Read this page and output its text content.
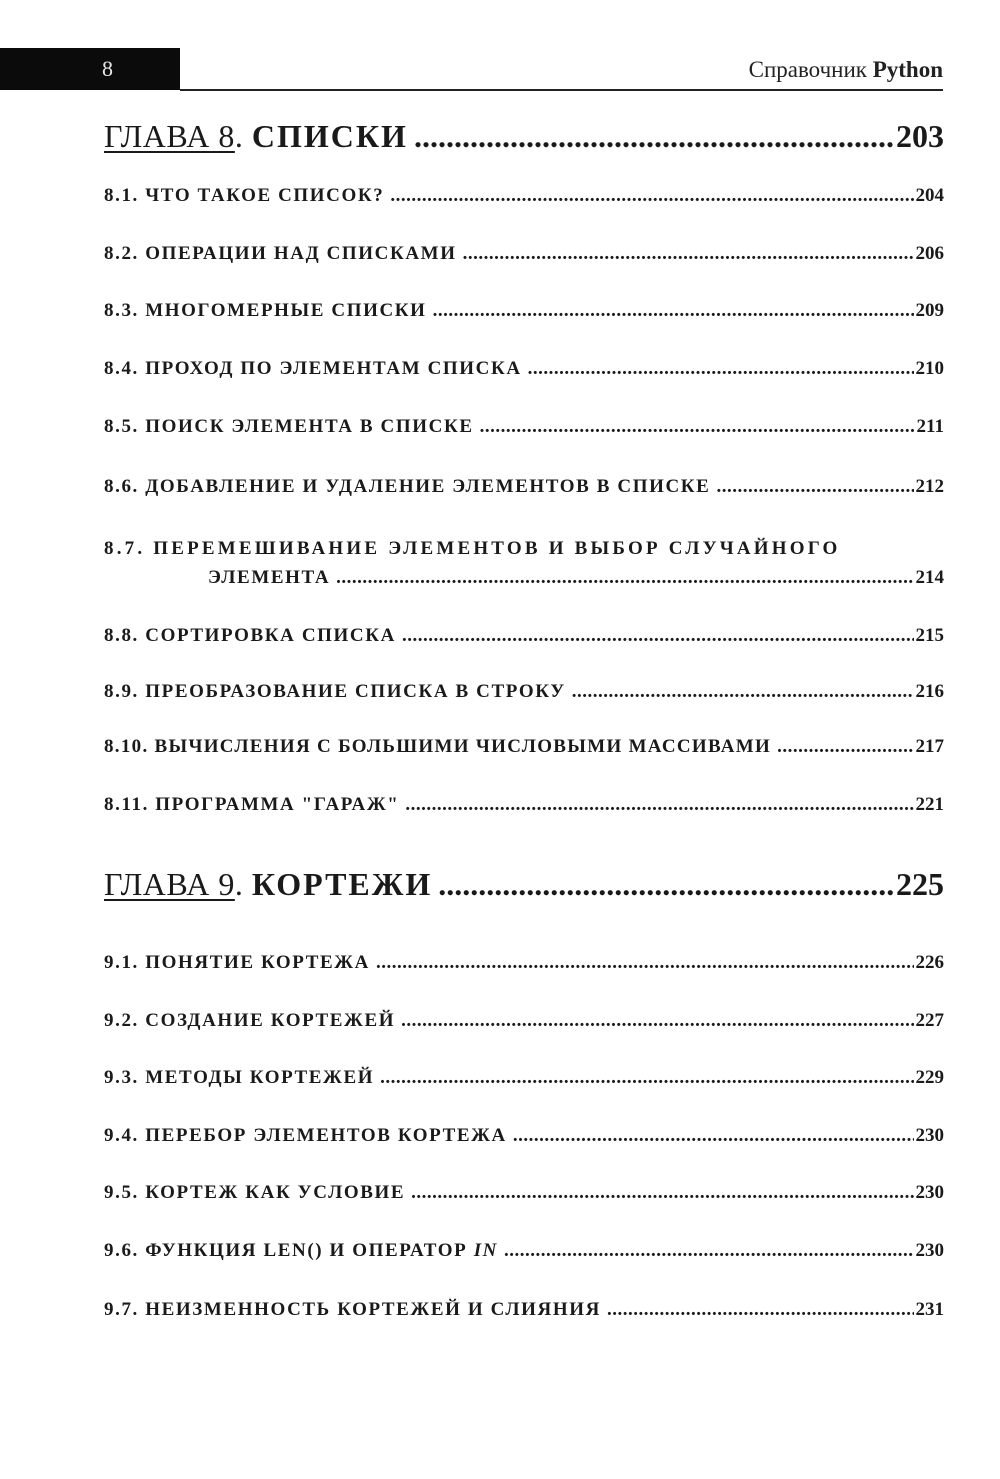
8	Справочник Python
ГЛАВА 8. СПИСКИ .....	203
8.1. ЧТО ТАКОЕ СПИСОК? .....	204
8.2. ОПЕРАЦИИ НАД СПИСКАМИ .....	206
8.3. МНОГОМЕРНЫЕ СПИСКИ .....	209
8.4. ПРОХОД ПО ЭЛЕМЕНТАМ СПИСКА .....	210
8.5. ПОИСК ЭЛЕМЕНТА В СПИСКЕ .....	211
8.6. ДОБАВЛЕНИЕ И УДАЛЕНИЕ ЭЛЕМЕНТОВ В СПИСКЕ .....	212
8.7. ПЕРЕМЕШИВАНИЕ ЭЛЕМЕНТОВ И ВЫБОР СЛУЧАЙНОГО
ЭЛЕМЕНТА .....	214
8.8. СОРТИРОВКА СПИСКА .....	215
8.9. ПРЕОБРАЗОВАНИЕ СПИСКА В СТРОКУ .....	216
8.10. ВЫЧИСЛЕНИЯ С БОЛЬШИМИ ЧИСЛОВЫМИ МАССИВАМИ .....	217
8.11. ПРОГРАММА "ГАРАЖ" .....	221
ГЛАВА 9. КОРТЕЖИ .....	225
9.1. ПОНЯТИЕ КОРТЕЖА .....	226
9.2. СОЗДАНИЕ КОРТЕЖЕЙ .....	227
9.3. МЕТОДЫ КОРТЕЖЕЙ .....	229
9.4. ПЕРЕБОР ЭЛЕМЕНТОВ КОРТЕЖА .....	230
9.5. КОРТЕЖ КАК УСЛОВИЕ .....	230
9.6. ФУНКЦИЯ LEN() И ОПЕРАТОР IN .....	230
9.7. НЕИЗМЕННОСТЬ КОРТЕЖЕЙ И СЛИЯНИЯ .....	231
